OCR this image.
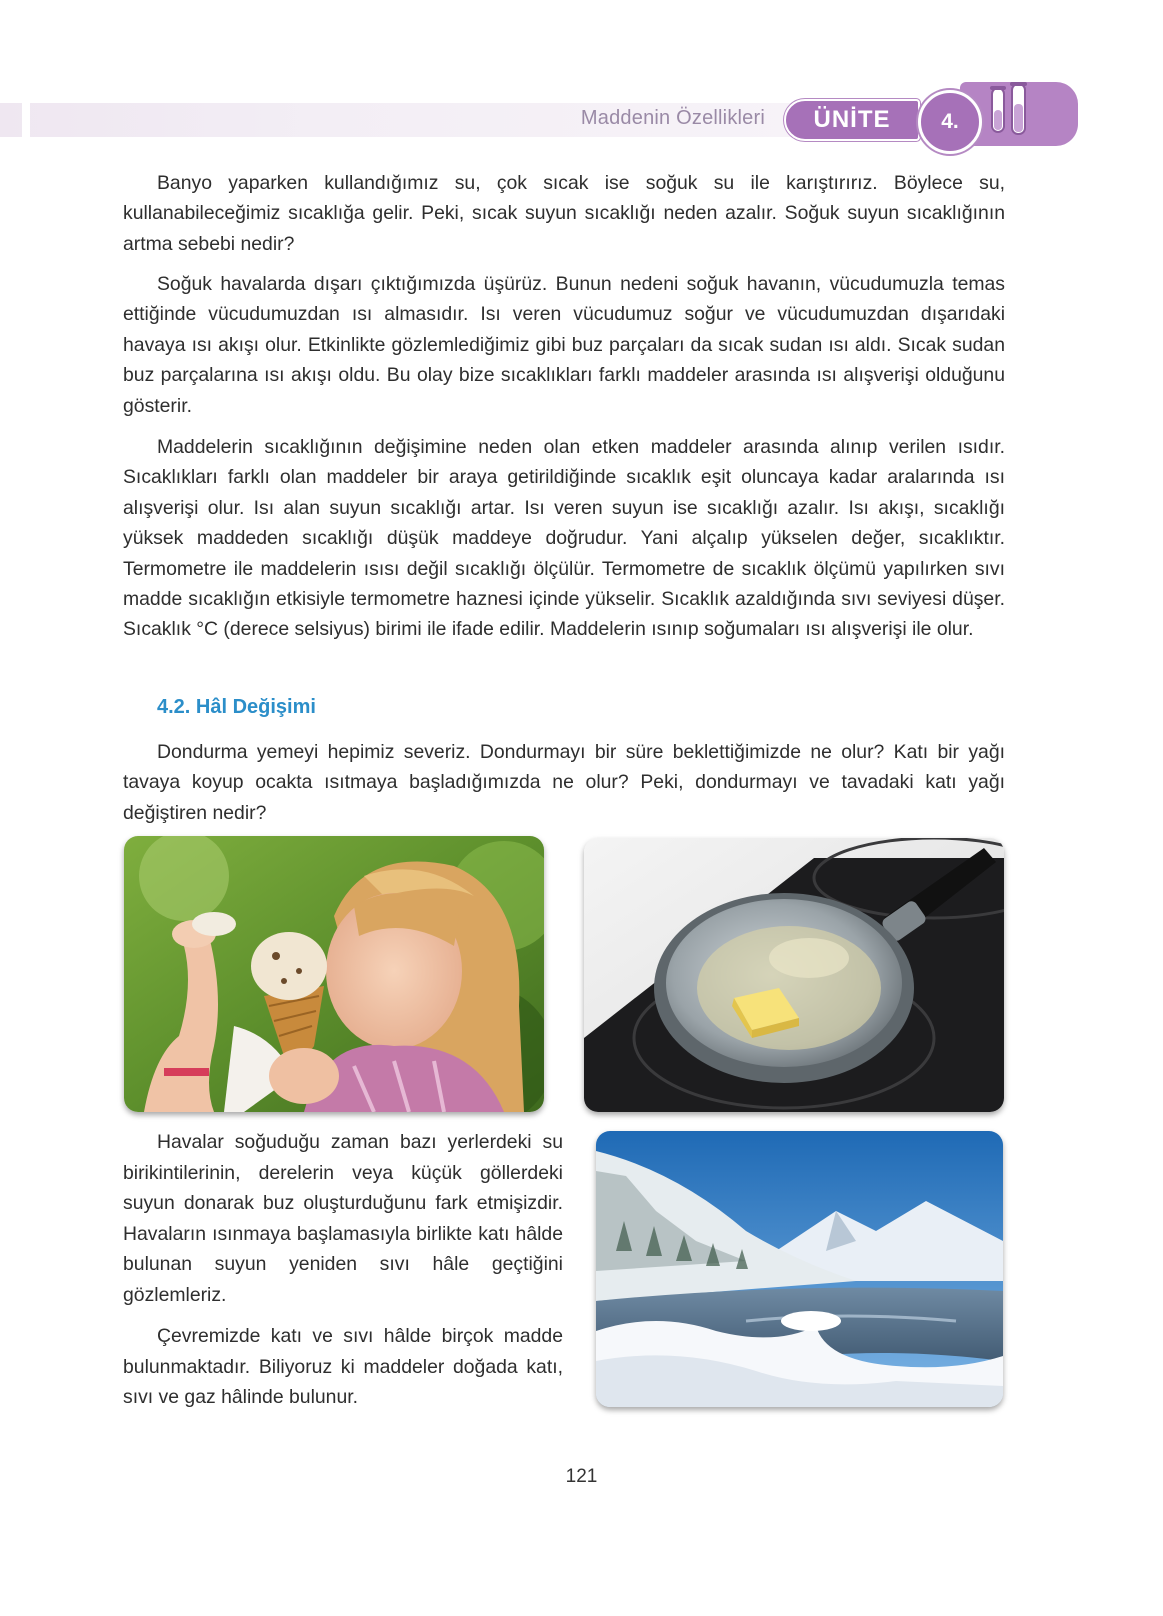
Maddenin Özellikleri	ÜNİTE	4.

Banyo yaparken kullandığımız su, çok sıcak ise soğuk su ile karıştırırız. Böylece su, kullanabileceğimiz sıcaklığa gelir. Peki, sıcak suyun sıcaklığı neden azalır. Soğuk suyun sıcaklığının artma sebebi nedir?

Soğuk havalarda dışarı çıktığımızda üşürüz. Bunun nedeni soğuk havanın, vücudumuzla temas ettiğinde vücudumuzdan ısı almasıdır. Isı veren vücudumuz soğur ve vücudumuzdan dışarıdaki havaya ısı akışı olur. Etkinlikte gözlemlediğimiz gibi buz parçaları da sıcak sudan ısı aldı. Sıcak sudan buz parçalarına ısı akışı oldu. Bu olay bize sıcaklıkları farklı maddeler arasında ısı alışverişi olduğunu gösterir.

Maddelerin sıcaklığının değişimine neden olan etken maddeler arasında alınıp verilen ısıdır. Sıcaklıkları farklı olan maddeler bir araya getirildiğinde sıcaklık eşit oluncaya kadar aralarında ısı alışverişi olur. Isı alan suyun sıcaklığı artar. Isı veren suyun ise sıcaklığı azalır. Isı akışı, sıcaklığı yüksek maddeden sıcaklığı düşük maddeye doğrudur. Yani alçalıp yükselen değer, sıcaklıktır. Termometre ile maddelerin ısısı değil sıcaklığı ölçülür. Termometre de sıcaklık ölçümü yapılırken sıvı madde sıcaklığın etkisiyle termometre haznesi içinde yükselir. Sıcaklık azaldığında sıvı seviyesi düşer. Sıcaklık °C (derece selsiyus) birimi ile ifade edilir. Maddelerin ısınıp soğumaları ısı alışverişi ile olur.

4.2. Hâl Değişimi

Dondurma yemeyi hepimiz severiz. Dondurmayı bir süre beklettiğimizde ne olur? Katı bir yağı tavaya koyup ocakta ısıtmaya başladığımızda ne olur? Peki, dondurmayı ve tavadaki katı yağı değiştiren nedir?

Havalar soğuduğu zaman bazı yerlerdeki su birikintilerinin, derelerin veya küçük göllerdeki suyun donarak buz oluşturduğunu fark etmişizdir. Havaların ısınmaya başlamasıyla birlikte katı hâlde bulunan suyun yeniden sıvı hâle geçtiğini gözlemleriz.

Çevremizde katı ve sıvı hâlde birçok madde bulunmaktadır. Biliyoruz ki maddeler doğada katı, sıvı ve gaz hâlinde bulunur.

121
